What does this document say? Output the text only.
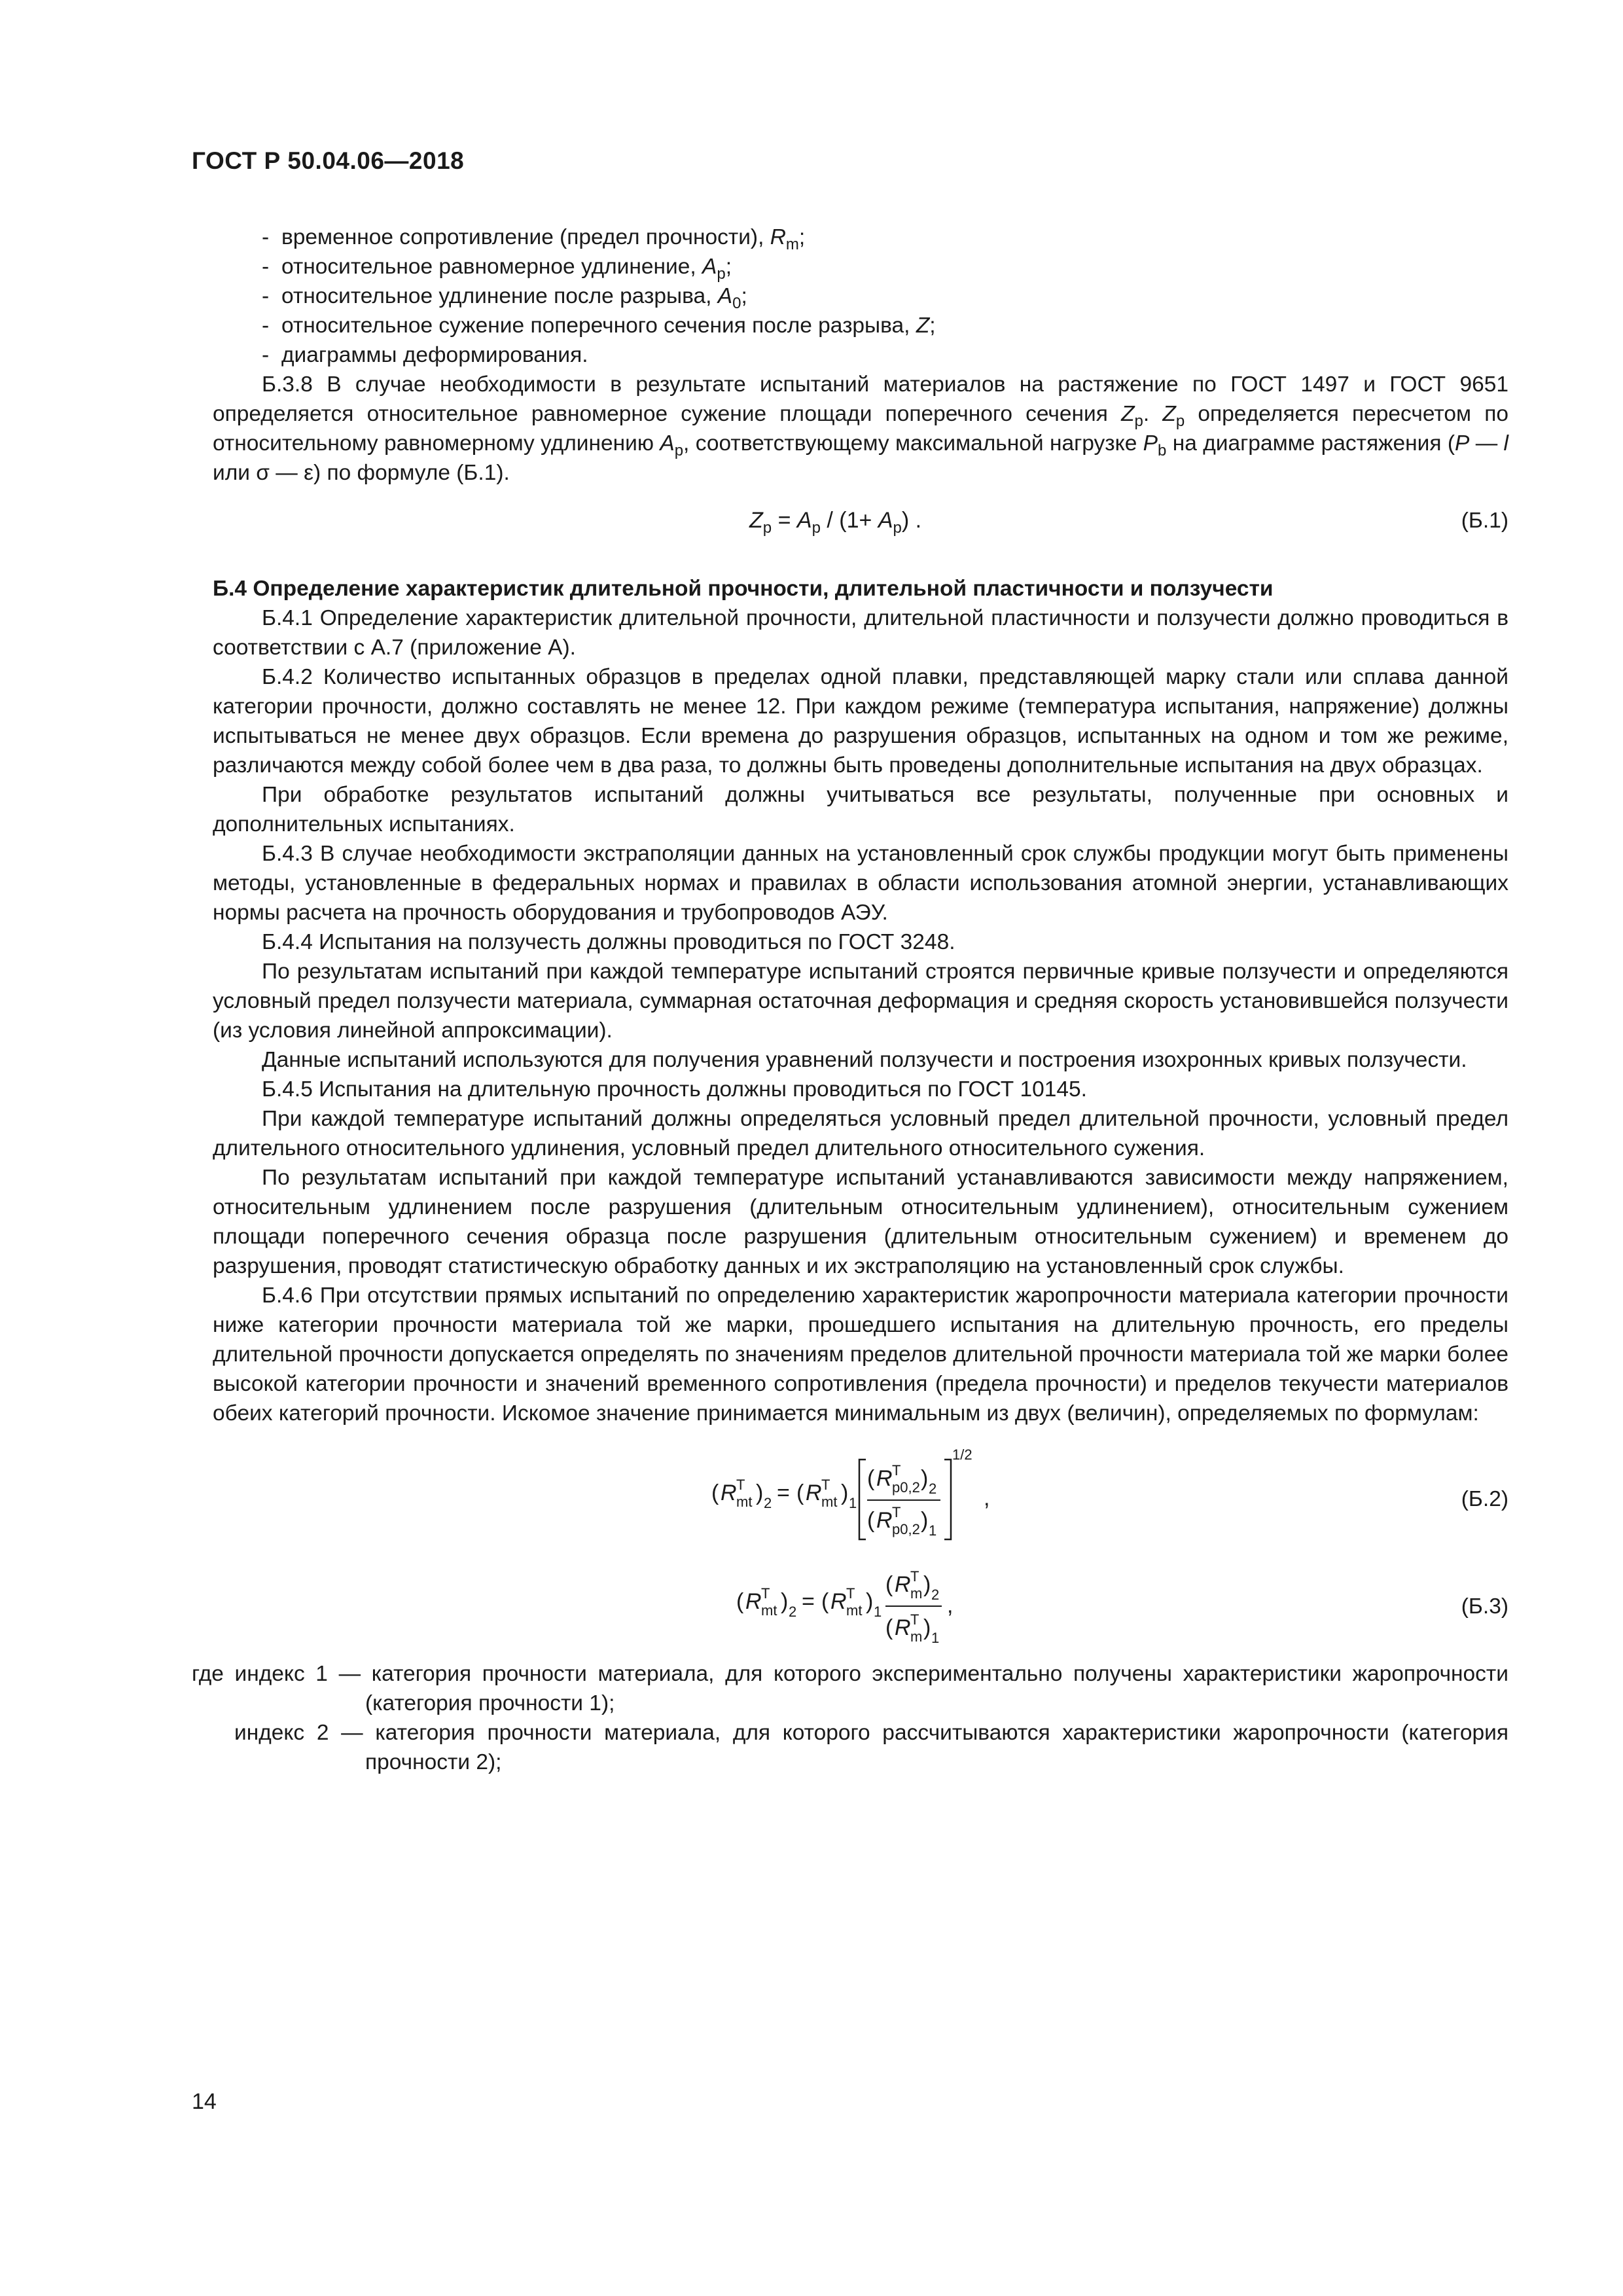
ГОСТ Р 50.04.06—2018

- временное сопротивление (предел прочности), $R_m$;

- относительное равномерное удлинение, $A_p$;

- относительное удлинение после разрыва, $A_0$;

- относительное сужение поперечного сечения после разрыва, Z;

- диаграммы деформирования.

Б.3.8 В случае необходимости в результате испытаний материалов на растяжение по ГОСТ 1497 и ГОСТ 9651 определяется относительное равномерное сужение площади поперечного сечения $Z_p$. $Z_p$ определяется пересчетом по относительному равномерному удлинению $A_p$, соответствующему максимальной нагрузке $P_b$ на диаграмме растяжения (P — l или σ — ε) по формуле (Б.1).

$Z_p = A_p / (1+ A_p)$ .	(Б.1)

Б.4 Определение характеристик длительной прочности, длительной пластичности и ползучести

Б.4.1 Определение характеристик длительной прочности, длительной пластичности и ползучести должно проводиться в соответствии с А.7 (приложение А).

Б.4.2 Количество испытанных образцов в пределах одной плавки, представляющей марку стали или сплава данной категории прочности, должно составлять не менее 12. При каждом режиме (температура испытания, напряжение) должны испытываться не менее двух образцов. Если времена до разрушения образцов, испытанных на одном и том же режиме, различаются между собой более чем в два раза, то должны быть проведены дополнительные испытания на двух образцах.

При обработке результатов испытаний должны учитываться все результаты, полученные при основных и дополнительных испытаниях.

Б.4.3 В случае необходимости экстраполяции данных на установленный срок службы продукции могут быть применены методы, установленные в федеральных нормах и правилах в области использования атомной энергии, устанавливающих нормы расчета на прочность оборудования и трубопроводов АЭУ.

Б.4.4 Испытания на ползучесть должны проводиться по ГОСТ 3248.

По результатам испытаний при каждой температуре испытаний строятся первичные кривые ползучести и определяются условный предел ползучести материала, суммарная остаточная деформация и средняя скорость установившейся ползучести (из условия линейной аппроксимации).

Данные испытаний используются для получения уравнений ползучести и построения изохронных кривых ползучести.

Б.4.5 Испытания на длительную прочность должны проводиться по ГОСТ 10145.

При каждой температуре испытаний должны определяться условный предел длительной прочности, условный предел длительного относительного удлинения, условный предел длительного относительного сужения.

По результатам испытаний при каждой температуре испытаний устанавливаются зависимости между напряжением, относительным удлинением после разрушения (длительным относительным удлинением), относительным сужением площади поперечного сечения образца после разрушения (длительным относительным сужением) и временем до разрушения, проводят статистическую обработку данных и их экстраполяцию на установленный срок службы.

Б.4.6 При отсутствии прямых испытаний по определению характеристик жаропрочности материала категории прочности ниже категории прочности материала той же марки, прошедшего испытания на длительную прочность, его пределы длительной прочности допускается определять по значениям пределов длительной прочности материала той же марки более высокой категории прочности и значений временного сопротивления (предела прочности) и пределов текучести материалов обеих категорий прочности. Искомое значение принимается минимальным из двух (величин), определяемых по формулам:

( R T
mt ) 2 = ( R T
mt ) 1
( R T
p0,2 ) 2
( R T
p0,2 ) 1
1/2
,	(Б.2)
( R T
mt ) 2 = ( R T
mt ) 1
( R T
m ) 2
( R T
m ) 1
,	(Б.3)

где индекс 1 — категория прочности материала, для которого экспериментально получены характеристики жаропрочности (категория прочности 1);

индекс 2 — категория прочности материала, для которого рассчитываются характеристики жаропрочности (категория прочности 2);

14
